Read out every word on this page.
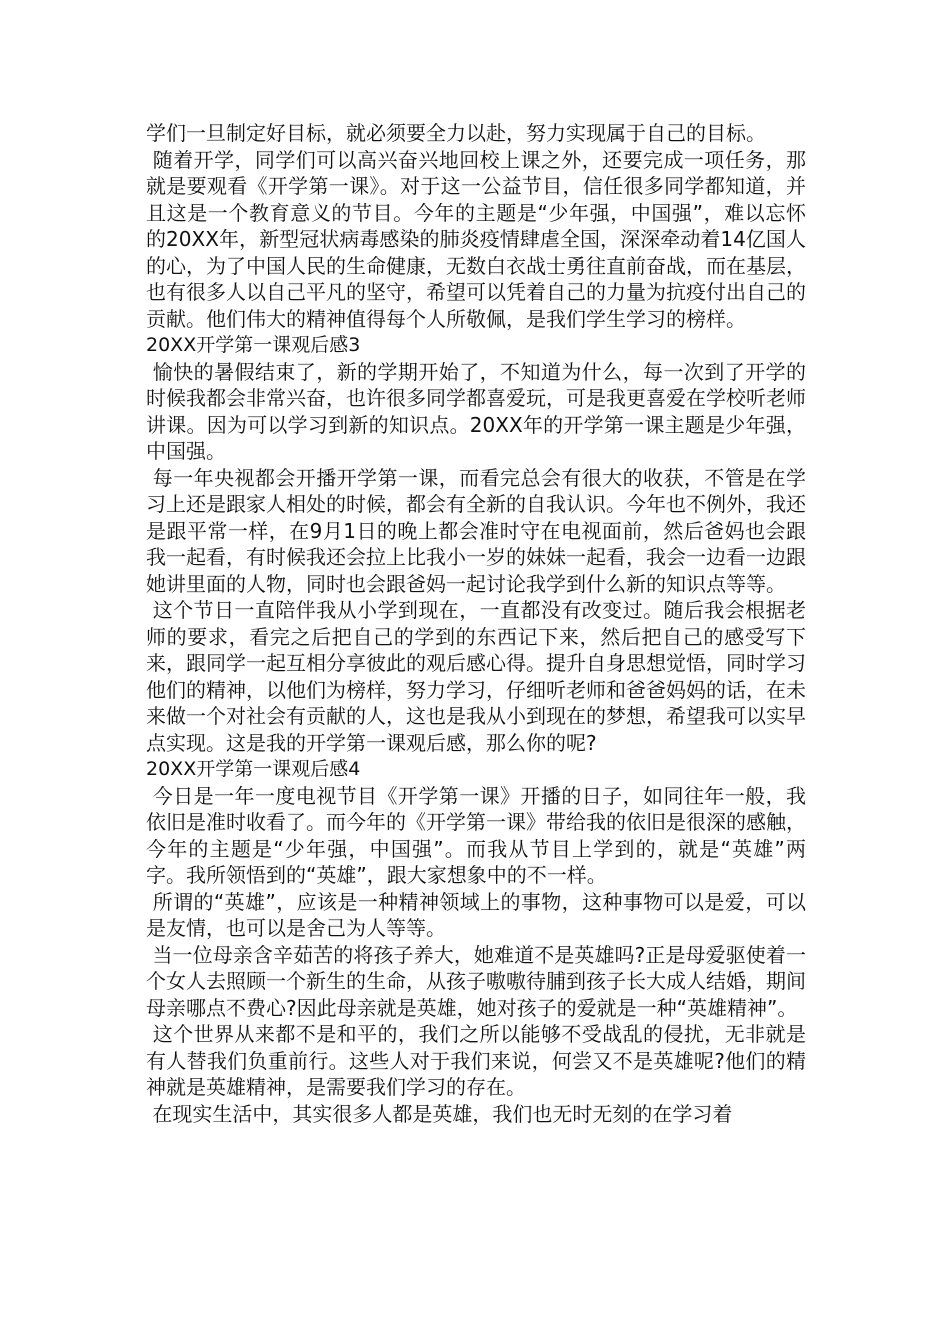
学们一旦制定好目标，就必须要全力以赴，努力实现属于自己的目标。

随着开学，同学们可以高兴奋兴地回校上课之外，还要完成一项任务，那就是要观看《开学第一课》。对于这一公益节目，信任很多同学都知道，并且这是一个教育意义的节目。今年的主题是“少年强，中国强”，难以忘怀的20XX年，新型冠状病毒感染的肺炎疫情肆虐全国，深深牵动着14亿国人的心，为了中国人民的生命健康，无数白衣战士勇往直前奋战，而在基层，也有很多人以自己平凡的坚守，希望可以凭着自己的力量为抗疫付出自己的贡献。他们伟大的精神值得每个人所敬佩，是我们学生学习的榜样。

20XX开学第一课观后感3

愉快的暑假结束了，新的学期开始了，不知道为什么，每一次到了开学的时候我都会非常兴奋，也许很多同学都喜爱玩，可是我更喜爱在学校听老师讲课。因为可以学习到新的知识点。20XX年的开学第一课主题是少年强，中国强。

每一年央视都会开播开学第一课，而看完总会有很大的收获，不管是在学习上还是跟家人相处的时候，都会有全新的自我认识。今年也不例外，我还是跟平常一样，在9月1日的晚上都会准时守在电视面前，然后爸妈也会跟我一起看，有时候我还会拉上比我小一岁的妹妹一起看，我会一边看一边跟她讲里面的人物，同时也会跟爸妈一起讨论我学到什么新的知识点等等。

这个节日一直陪伴我从小学到现在，一直都没有改变过。随后我会根据老师的要求，看完之后把自己的学到的东西记下来，然后把自己的感受写下来，跟同学一起互相分享彼此的观后感心得。提升自身思想觉悟，同时学习他们的精神，以他们为榜样，努力学习，仔细听老师和爸爸妈妈的话，在未来做一个对社会有贡献的人，这也是我从小到现在的梦想，希望我可以实早点实现。这是我的开学第一课观后感，那么你的呢?

20XX开学第一课观后感4

今日是一年一度电视节目《开学第一课》开播的日子，如同往年一般，我依旧是准时收看了。而今年的《开学第一课》带给我的依旧是很深的感触，今年的主题是“少年强，中国强”。而我从节目上学到的，就是“英雄”两字。我所领悟到的“英雄”，跟大家想象中的不一样。

所谓的“英雄”，应该是一种精神领域上的事物，这种事物可以是爱，可以是友情，也可以是舍己为人等等。

当一位母亲含辛茹苦的将孩子养大，她难道不是英雄吗?正是母爱驱使着一个女人去照顾一个新生的生命，从孩子嗷嗷待脯到孩子长大成人结婚，期间母亲哪点不费心?因此母亲就是英雄，她对孩子的爱就是一种“英雄精神”。

这个世界从来都不是和平的，我们之所以能够不受战乱的侵扰，无非就是有人替我们负重前行。这些人对于我们来说，何尝又不是英雄呢?他们的精神就是英雄精神，是需要我们学习的存在。

在现实生活中，其实很多人都是英雄，我们也无时无刻的在学习着
